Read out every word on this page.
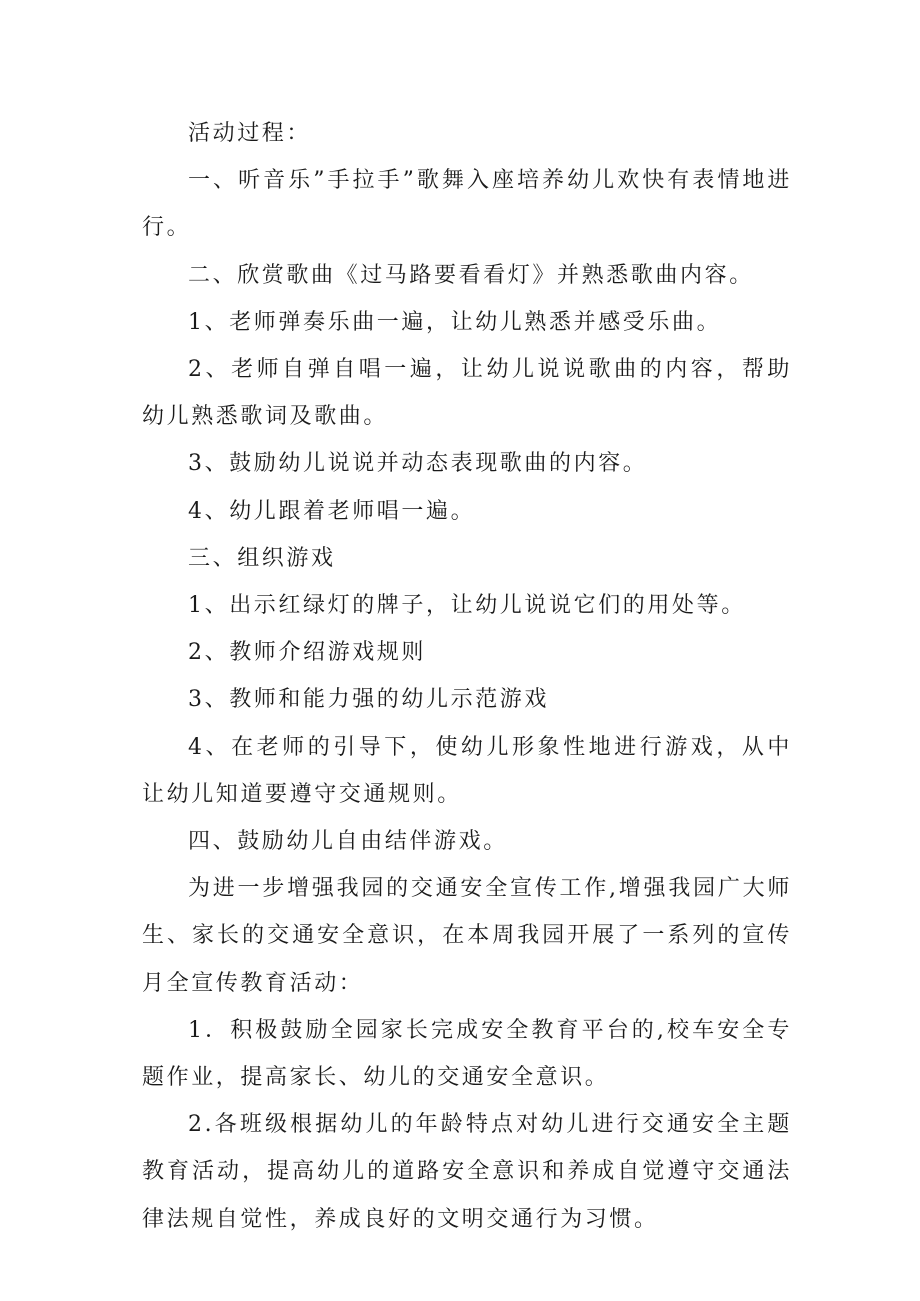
活动过程：

一、听音乐”手拉手”歌舞入座培养幼儿欢快有表情地进行。

二、欣赏歌曲《过马路要看看灯》并熟悉歌曲内容。

1、老师弹奏乐曲一遍，让幼儿熟悉并感受乐曲。

2、老师自弹自唱一遍，让幼儿说说歌曲的内容，帮助幼儿熟悉歌词及歌曲。

3、鼓励幼儿说说并动态表现歌曲的内容。

4、幼儿跟着老师唱一遍。

三、组织游戏

1、出示红绿灯的牌子，让幼儿说说它们的用处等。

2、教师介绍游戏规则

3、教师和能力强的幼儿示范游戏

4、在老师的引导下，使幼儿形象性地进行游戏，从中让幼儿知道要遵守交通规则。

四、鼓励幼儿自由结伴游戏。

为进一步增强我园的交通安全宣传工作,增强我园广大师生、家长的交通安全意识，在本周我园开展了一系列的宣传月全宣传教育活动：

1．积极鼓励全园家长完成安全教育平台的,校车安全专题作业，提高家长、幼儿的交通安全意识。

2.各班级根据幼儿的年龄特点对幼儿进行交通安全主题教育活动，提高幼儿的道路安全意识和养成自觉遵守交通法律法规自觉性，养成良好的文明交通行为习惯。
